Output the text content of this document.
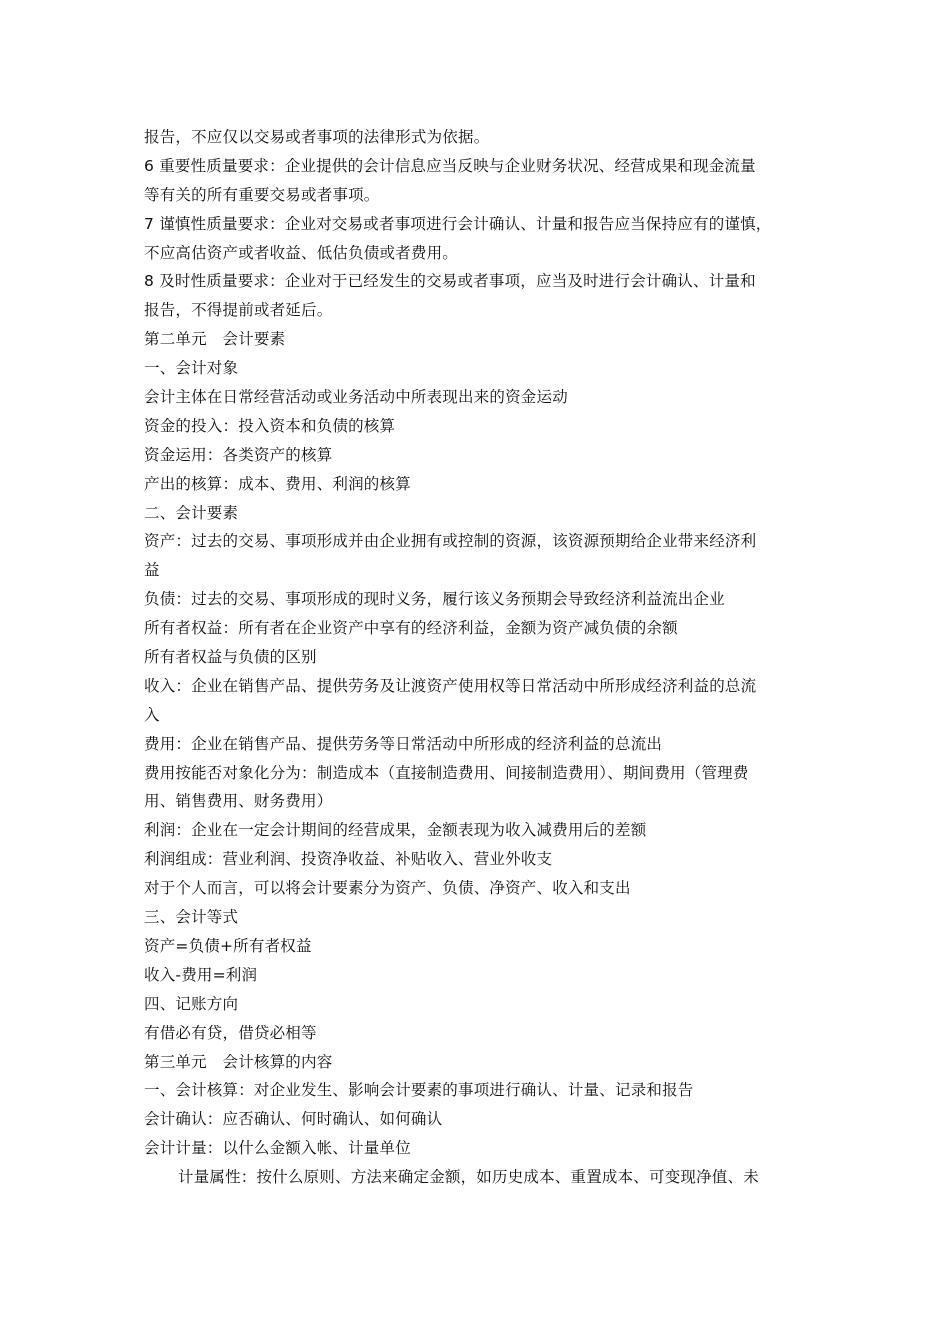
报告，不应仅以交易或者事项的法律形式为依据。
6 重要性质量要求：企业提供的会计信息应当反映与企业财务状况、经营成果和现金流量
等有关的所有重要交易或者事项。
7 谨慎性质量要求：企业对交易或者事项进行会计确认、计量和报告应当保持应有的谨慎，
不应高估资产或者收益、低估负债或者费用。
8 及时性质量要求：企业对于已经发生的交易或者事项，应当及时进行会计确认、计量和
报告，不得提前或者延后。
第二单元　会计要素
一、会计对象
会计主体在日常经营活动或业务活动中所表现出来的资金运动
资金的投入：投入资本和负债的核算
资金运用：各类资产的核算
产出的核算：成本、费用、利润的核算
二、会计要素
资产：过去的交易、事项形成并由企业拥有或控制的资源，该资源预期给企业带来经济利
益
负债：过去的交易、事项形成的现时义务，履行该义务预期会导致经济利益流出企业
所有者权益：所有者在企业资产中享有的经济利益，金额为资产减负债的余额
所有者权益与负债的区别
收入：企业在销售产品、提供劳务及让渡资产使用权等日常活动中所形成经济利益的总流
入
费用：企业在销售产品、提供劳务等日常活动中所形成的经济利益的总流出
费用按能否对象化分为：制造成本（直接制造费用、间接制造费用）、期间费用（管理费
用、销售费用、财务费用）
利润：企业在一定会计期间的经营成果，金额表现为收入减费用后的差额
利润组成：营业利润、投资净收益、补贴收入、营业外收支
对于个人而言，可以将会计要素分为资产、负债、净资产、收入和支出
三、会计等式
资产=负债+所有者权益
收入-费用=利润
四、记账方向
有借必有贷，借贷必相等
第三单元　会计核算的内容
一、会计核算：对企业发生、影响会计要素的事项进行确认、计量、记录和报告
会计确认：应否确认、何时确认、如何确认
会计计量：以什么金额入帐、计量单位
计量属性：按什么原则、方法来确定金额，如历史成本、重置成本、可变现净值、未
